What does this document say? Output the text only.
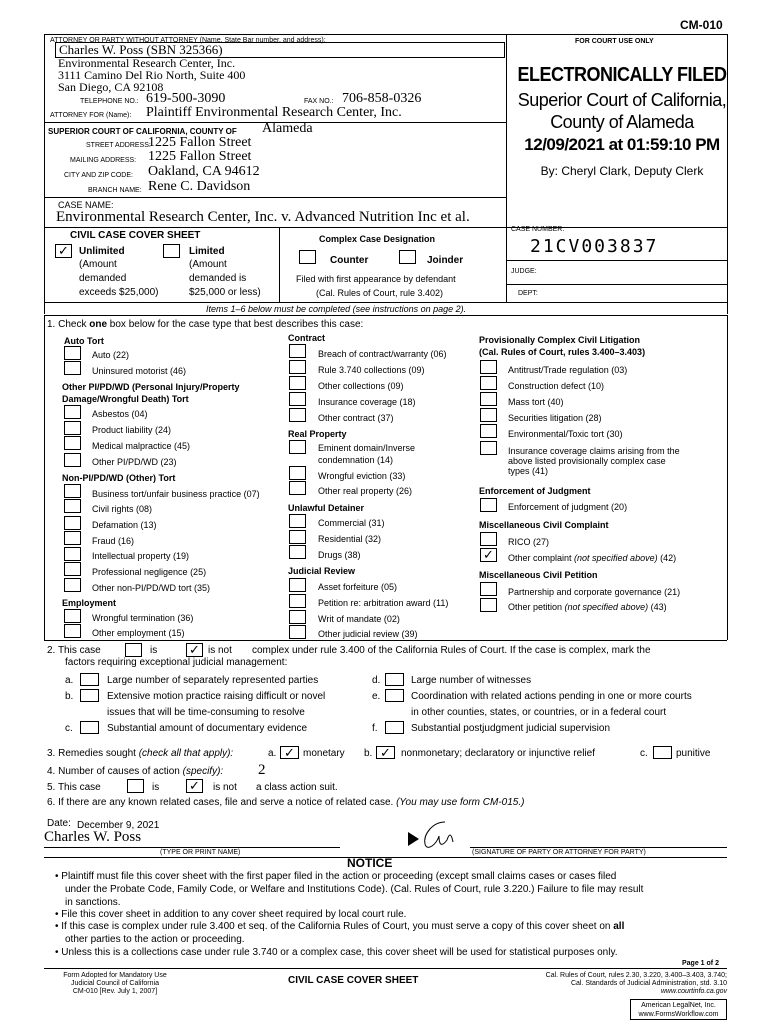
CM-010
ATTORNEY OR PARTY WITHOUT ATTORNEY (Name, State Bar number, and address):
Charles W. Poss (SBN 325366)
Environmental Research Center, Inc.
3111 Camino Del Rio North, Suite 400
San Diego, CA 92108
TELEPHONE NO.: 619-500-3090	FAX NO.: 706-858-0326
ATTORNEY FOR (Name): Plaintiff Environmental Research Center, Inc.
SUPERIOR COURT OF CALIFORNIA, COUNTY OF Alameda
STREET ADDRESS:
1225 Fallon Street
MAILING ADDRESS: 1225 Fallon Street
CITY AND ZIP CODE: Oakland, CA 94612
BRANCH NAME: Rene C. Davidson
FOR COURT USE ONLY
ELECTRONICALLY FILED
Superior Court of California,
County of Alameda
12/09/2021 at 01:59:10 PM
By: Cheryl Clark, Deputy Clerk
CASE NAME:
Environmental Research Center, Inc. v. Advanced Nutrition Inc et al.
CIVIL CASE COVER SHEET
✓	Unlimited
(Amount
demanded
exceeds $25,000)
Limited
(Amount
demanded is
$25,000 or less)
Complex Case Designation
Counter	Joinder
Filed with first appearance by defendant
(Cal. Rules of Court, rule 3.402)
CASE NUMBER:
21CV003837
JUDGE:
DEPT:
Items 1–6 below must be completed (see instructions on page 2).
1. Check one box below for the case type that best describes this case:
Auto Tort
Auto (22)
Uninsured motorist (46)
Other PI/PD/WD (Personal Injury/Property
Damage/Wrongful Death) Tort
Asbestos (04)
Product liability (24)
Medical malpractice (45)
Other PI/PD/WD (23)
Non-PI/PD/WD (Other) Tort
Business tort/unfair business practice (07)
Civil rights (08)
Defamation (13)
Fraud (16)
Intellectual property (19)
Professional negligence (25)
Other non-PI/PD/WD tort (35)
Employment
Wrongful termination (36)
Other employment (15)
Contract
Breach of contract/warranty (06)
Rule 3.740 collections (09)
Other collections (09)
Insurance coverage (18)
Other contract (37)
Real Property
Eminent domain/Inverse
condemnation (14)
Wrongful eviction (33)
Other real property (26)
Unlawful Detainer
Commercial (31)
Residential (32)
Drugs (38)
Judicial Review
Asset forfeiture (05)
Petition re: arbitration award (11)
Writ of mandate (02)
Other judicial review (39)
Provisionally Complex Civil Litigation
(Cal. Rules of Court, rules 3.400–3.403)
Antitrust/Trade regulation (03)
Construction defect (10)
Mass tort (40)
Securities litigation (28)
Environmental/Toxic tort (30)
Insurance coverage claims arising from the
above listed provisionally complex case
types (41)
Enforcement of Judgment
Enforcement of judgment (20)
Miscellaneous Civil Complaint
RICO (27)
✓	Other complaint (not specified above) (42)
Miscellaneous Civil Petition
Partnership and corporate governance (21)
Other petition (not specified above) (43)
2. This case	is ✓ is not complex under rule 3.400 of the California Rules of Court. If the case is complex, mark the
factors requiring exceptional judicial management:
a.	Large number of separately represented parties
b.	Extensive motion practice raising difficult or novel
issues that will be time-consuming to resolve
c.	Substantial amount of documentary evidence
d.	Large number of witnesses
e.	Coordination with related actions pending in one or more courts
in other counties, states, or countries, or in a federal court
f.	Substantial postjudgment judicial supervision
3. Remedies sought (check all that apply):	a. ✓ monetary b. ✓	nonmonetary; declaratory or injunctive relief	c.	punitive
4. Number of causes of action (specify): 2
5. This case	is ✓	is not a class action suit.
6. If there are any known related cases, file and serve a notice of related case. (You may use form CM-015.)
Date: December 9, 2021
Charles W. Poss
(TYPE OR PRINT NAME)	(SIGNATURE OF PARTY OR ATTORNEY FOR PARTY)
NOTICE
• Plaintiff must file this cover sheet with the first paper filed in the action or proceeding (except small claims cases or cases filed
under the Probate Code, Family Code, or Welfare and Institutions Code). (Cal. Rules of Court, rule 3.220.) Failure to file may result
in sanctions.
• File this cover sheet in addition to any cover sheet required by local court rule.
• If this case is complex under rule 3.400 et seq. of the California Rules of Court, you must serve a copy of this cover sheet on all
other parties to the action or proceeding.
• Unless this is a collections case under rule 3.740 or a complex case, this cover sheet will be used for statistical purposes only.
Page 1 of 2
Form Adopted for Mandatory Use
Judicial Council of California
CM-010 [Rev. July 1, 2007]
CIVIL CASE COVER SHEET	Cal. Rules of Court, rules 2.30, 3.220, 3.400–3.403, 3.740;
Cal. Standards of Judicial Administration, std. 3.10
www.courtinfo.ca.gov
American LegalNet, Inc.
www.FormsWorkflow.com
